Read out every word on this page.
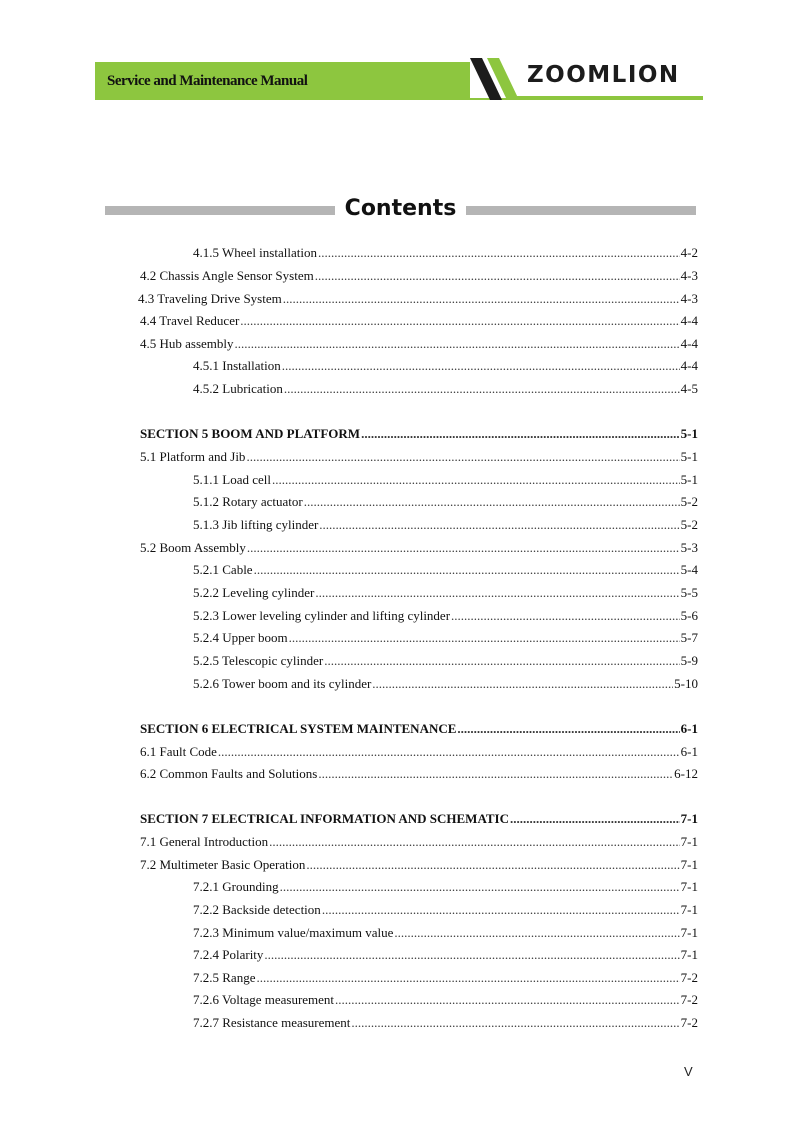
Service and Maintenance Manual	ZOOMLION
Contents
4.1.5 Wheel installation .....	4-2
4.2 Chassis Angle Sensor System .....	4-3
4.3 Traveling Drive System .....	4-3
4.4 Travel Reducer .....	4-4
4.5 Hub assembly .....	4-4
4.5.1 Installation .....	4-4
4.5.2 Lubrication .....	4-5
SECTION 5 BOOM AND PLATFORM .....	5-1
5.1 Platform and Jib .....	5-1
5.1.1 Load cell .....	5-1
5.1.2 Rotary actuator .....	5-2
5.1.3 Jib lifting cylinder .....	5-2
5.2 Boom Assembly .....	5-3
5.2.1 Cable .....	5-4
5.2.2 Leveling cylinder .....	5-5
5.2.3 Lower leveling cylinder and lifting cylinder .....	5-6
5.2.4 Upper boom .....	5-7
5.2.5 Telescopic cylinder .....	5-9
5.2.6 Tower boom and its cylinder .....	5-10
SECTION 6 ELECTRICAL SYSTEM MAINTENANCE .....	6-1
6.1 Fault Code .....	6-1
6.2 Common Faults and Solutions .....	6-12
SECTION 7 ELECTRICAL INFORMATION AND SCHEMATIC .....	7-1
7.1 General Introduction .....	7-1
7.2 Multimeter Basic Operation .....	7-1
7.2.1 Grounding .....	7-1
7.2.2 Backside detection .....	7-1
7.2.3 Minimum value/maximum value .....	7-1
7.2.4 Polarity .....	7-1
7.2.5 Range .....	7-2
7.2.6 Voltage measurement .....	7-2
7.2.7 Resistance measurement .....	7-2
V
